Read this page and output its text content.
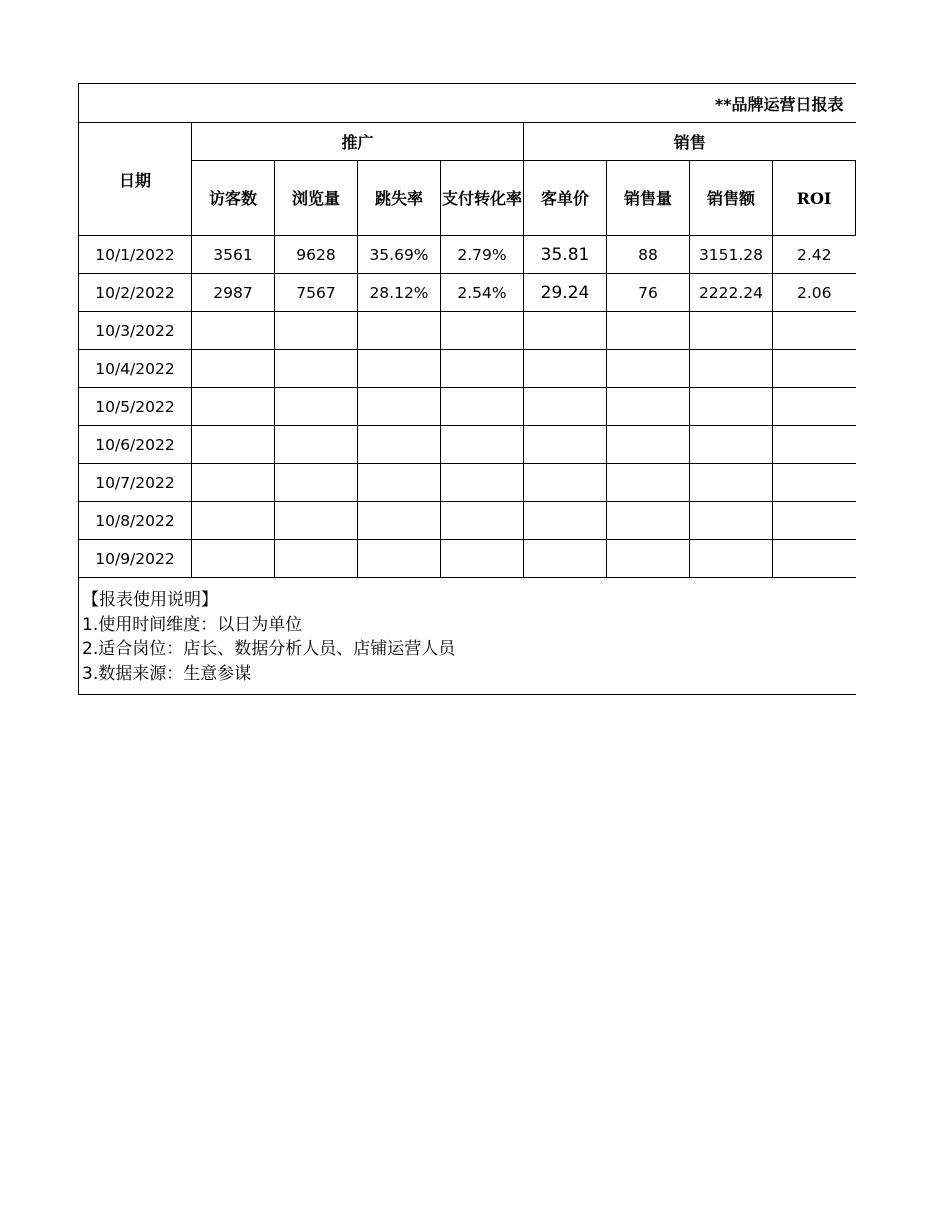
**品牌运营日报表								
日期	推广				销售			
	访客数	浏览量	跳失率	支付转化率	客单价	销售量	销售额	ROI
10/1/2022	3561	9628	35.69%	2.79%	35.81	88	3151.28	2.42
10/2/2022	2987	7567	28.12%	2.54%	29.24	76	2222.24	2.06
10/3/2022								
10/4/2022								
10/5/2022								
10/6/2022								
10/7/2022								
10/8/2022								
10/9/2022								

【报表使用说明】
1.使用时间维度：以日为单位
2.适合岗位：店长、数据分析人员、店铺运营人员
3.数据来源：生意参谋								
